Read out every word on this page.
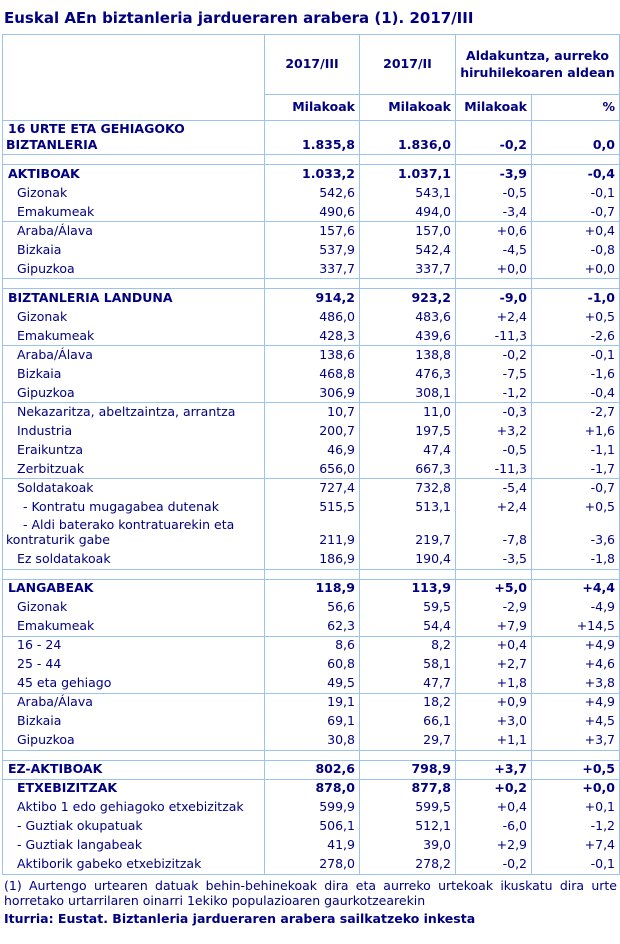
Euskal AEn biztanleria jardueraren arabera (1). 2017/III
	2017/III	2017/II	Aldakuntza, aurreko hiruhilekoaren aldean	
	Milakoak	Milakoak	Milakoak	%
16 URTE ETA GEHIAGOKO BIZTANLERIA	1.835,8	1.836,0	-0,2	0,0

AKTIBOAK	1.033,2	1.037,1	-3,9	-0,4
Gizonak	542,6	543,1	-0,5	-0,1
Emakumeak	490,6	494,0	-3,4	-0,7
Araba/Álava	157,6	157,0	+0,6	+0,4
Bizkaia	537,9	542,4	-4,5	-0,8
Gipuzkoa	337,7	337,7	+0,0	+0,0

BIZTANLERIA LANDUNA	914,2	923,2	-9,0	-1,0
Gizonak	486,0	483,6	+2,4	+0,5
Emakumeak	428,3	439,6	-11,3	-2,6
Araba/Álava	138,6	138,8	-0,2	-0,1
Bizkaia	468,8	476,3	-7,5	-1,6
Gipuzkoa	306,9	308,1	-1,2	-0,4
Nekazaritza, abeltzaintza, arrantza	10,7	11,0	-0,3	-2,7
Industria	200,7	197,5	+3,2	+1,6
Eraikuntza	46,9	47,4	-0,5	-1,1
Zerbitzuak	656,0	667,3	-11,3	-1,7
Soldatakoak	727,4	732,8	-5,4	-0,7
- Kontratu mugagabea dutenak	515,5	513,1	+2,4	+0,5
- Aldi baterako kontratuarekin eta kontraturik gabe	211,9	219,7	-7,8	-3,6
Ez soldatakoak	186,9	190,4	-3,5	-1,8

LANGABEAK	118,9	113,9	+5,0	+4,4
Gizonak	56,6	59,5	-2,9	-4,9
Emakumeak	62,3	54,4	+7,9	+14,5
16 - 24	8,6	8,2	+0,4	+4,9
25 - 44	60,8	58,1	+2,7	+4,6
45 eta gehiago	49,5	47,7	+1,8	+3,8
Araba/Álava	19,1	18,2	+0,9	+4,9
Bizkaia	69,1	66,1	+3,0	+4,5
Gipuzkoa	30,8	29,7	+1,1	+3,7

EZ-AKTIBOAK	802,6	798,9	+3,7	+0,5
ETXEBIZITZAK	878,0	877,8	+0,2	+0,0
Aktibo 1 edo gehiagoko etxebizitzak	599,9	599,5	+0,4	+0,1
- Guztiak okupatuak	506,1	512,1	-6,0	-1,2
- Guztiak langabeak	41,9	39,0	+2,9	+7,4
Aktiborik gabeko etxebizitzak	278,0	278,2	-0,2	-0,1
(1) Aurtengo urtearen datuak behin-behinekoak dira eta aurreko urtekoak ikuskatu dira urte horretako urtarrilaren oinarri 1ekiko populazioaren gaurkotzearekin
Iturria: Eustat. Biztanleria jardueraren arabera sailkatzeko inkesta
